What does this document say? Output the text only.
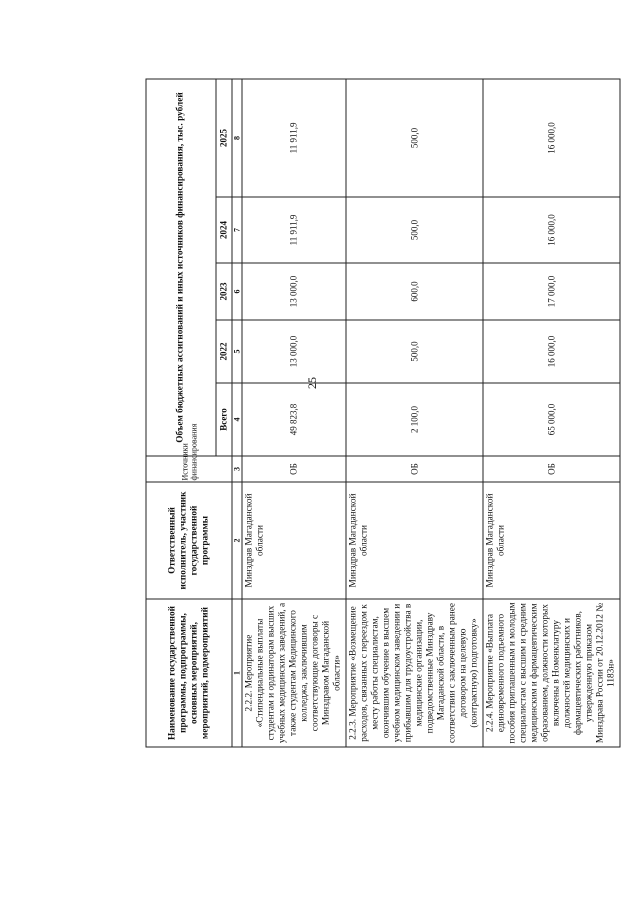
25
Наименование государственной программы, подпрограммы, основных мероприятий, мероприятий, подмероприятий	Ответственный исполнитель, участник государственной программы	Источники финансирования	Объем бюджетных ассигнований и иных источников финансирования, тыс. рублей				
			Всего	2022	2023	2024	2025
1	2	3	4	5	6	7	8
2.2.2. Мероприятие «Стипендиальные выплаты студентам и ординаторам высших учебных медицинских заведений, а также студентам Медицинского колледжа, заключившим соответствующие договоры с Минздравом Магаданской области»	Минздрав Магаданской области	ОБ	49 823,8	13 000,0	13 000,0	11 911,9	11 911,9
2.2.3. Мероприятие «Возмещение расходов, связанных с переездом к месту работы специалистам, окончившим обучение в высшем учебном медицинском заведении и прибывшим для трудоустройства в медицинские организации, подведомственные Минздраву Магаданской области, в соответствии с заключенным ранее договором на целевую (контрактную) подготовку»	Минздрав Магаданской области	ОБ	2 100,0	500,0	600,0	500,0	500,0
2.2.4. Мероприятие «Выплата единовременного подъемного пособия приглашенным и молодым специалистам с высшим и средним медицинским и фармацевтическим образованием, должности которых включены в Номенклатуру должностей медицинских и фармацевтических работников, утвержденную приказом Минздрава России от 20.12.2012 № 1183н»	Минздрав Магаданской области	ОБ	65 000,0	16 000,0	17 000,0	16 000,0	16 000,0
